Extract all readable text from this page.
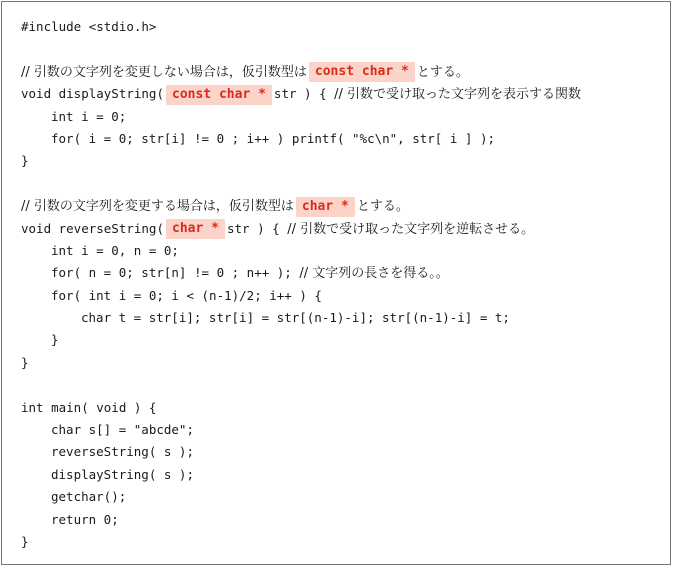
#include <stdio.h>
// 引数の文字列を変更しない場合は，仮引数型は const char * とする。
void displayString( const char * str ) { // 引数で受け取った文字列を表示する関数
int i = 0;
for( i = 0; str[i] != 0 ; i++ ) printf( "%c\n", str[ i ] );
}
// 引数の文字列を変更する場合は，仮引数型は char * とする。
void reverseString( char * str ) { // 引数で受け取った文字列を逆転させる。
int i = 0, n = 0;
for( n = 0; str[n] != 0 ; n++ ); // 文字列の長さを得る。。
for( int i = 0; i < (n-1)/2; i++ ) {
char t = str[i]; str[i] = str[(n-1)-i]; str[(n-1)-i] = t;
}
}
int main( void ) {
char s[] = "abcde";
reverseString( s );
displayString( s );
getchar();
return 0;
}
